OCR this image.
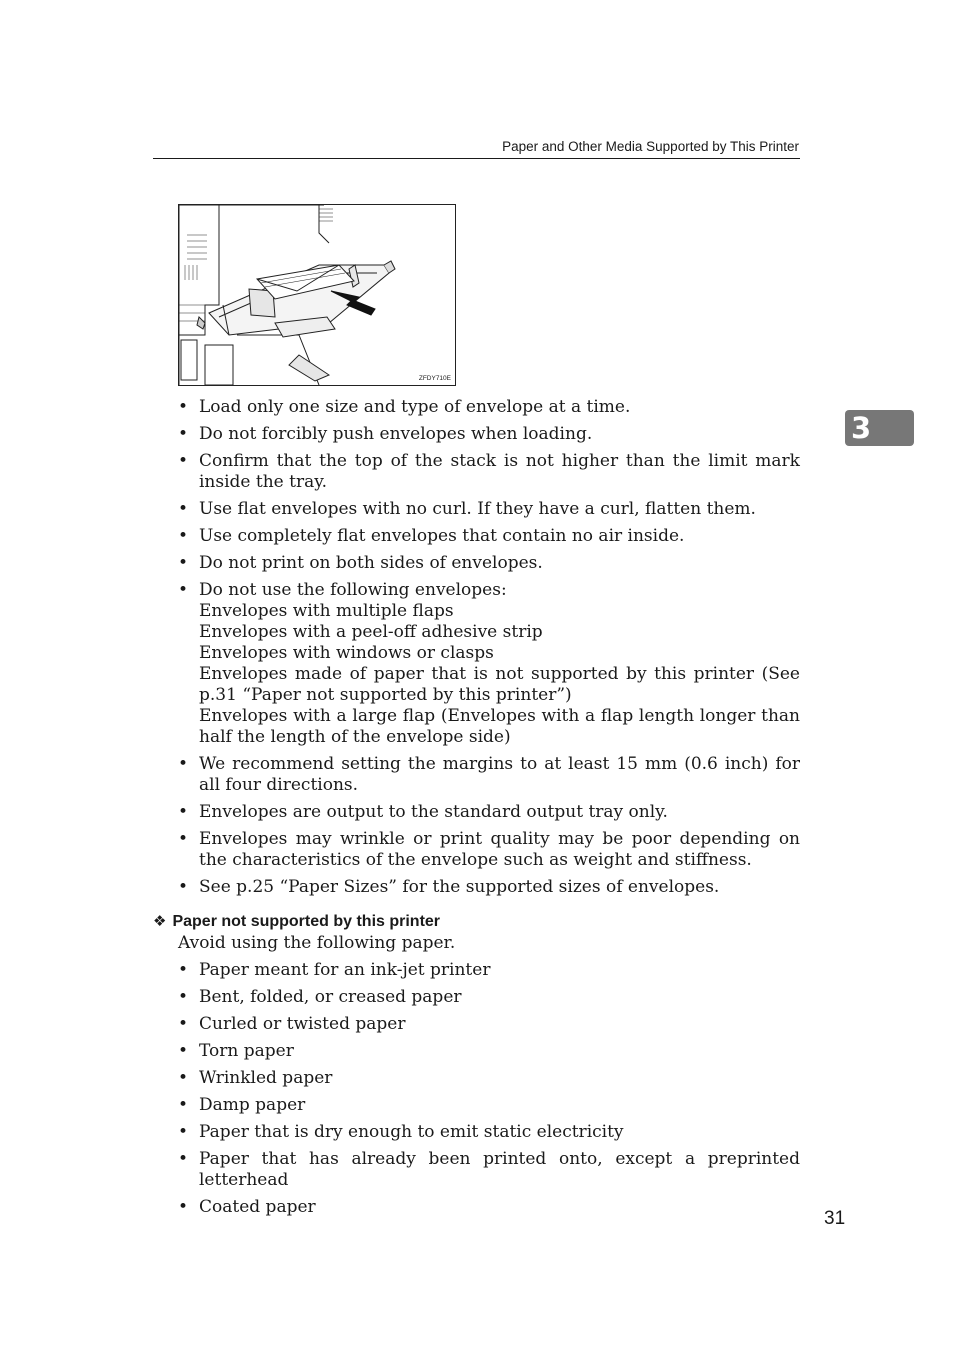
Paper and Other Media Supported by This Printer
ZFDY710E
3
• Load only one size and type of envelope at a time.
• Do not forcibly push envelopes when loading.
• Confirm that the top of the stack is not higher than the limit mark inside the tray.
• Use flat envelopes with no curl. If they have a curl, flatten them.
• Use completely flat envelopes that contain no air inside.
• Do not print on both sides of envelopes.
• Do not use the following envelopes:
Envelopes with multiple flaps
Envelopes with a peel-off adhesive strip
Envelopes with windows or clasps
Envelopes made of paper that is not supported by this printer (See p.31 “Paper not supported by this printer”)
Envelopes with a large flap (Envelopes with a flap length longer than half the length of the envelope side)
• We recommend setting the margins to at least 15 mm (0.6 inch) for all four directions.
• Envelopes are output to the standard output tray only.
• Envelopes may wrinkle or print quality may be poor depending on the characteristics of the envelope such as weight and stiffness.
• See p.25 “Paper Sizes” for the supported sizes of envelopes.
❖ Paper not supported by this printer
Avoid using the following paper.
• Paper meant for an ink-jet printer
• Bent, folded, or creased paper
• Curled or twisted paper
• Torn paper
• Wrinkled paper
• Damp paper
• Paper that is dry enough to emit static electricity
• Paper that has already been printed onto, except a preprinted letterhead
• Coated paper
31
